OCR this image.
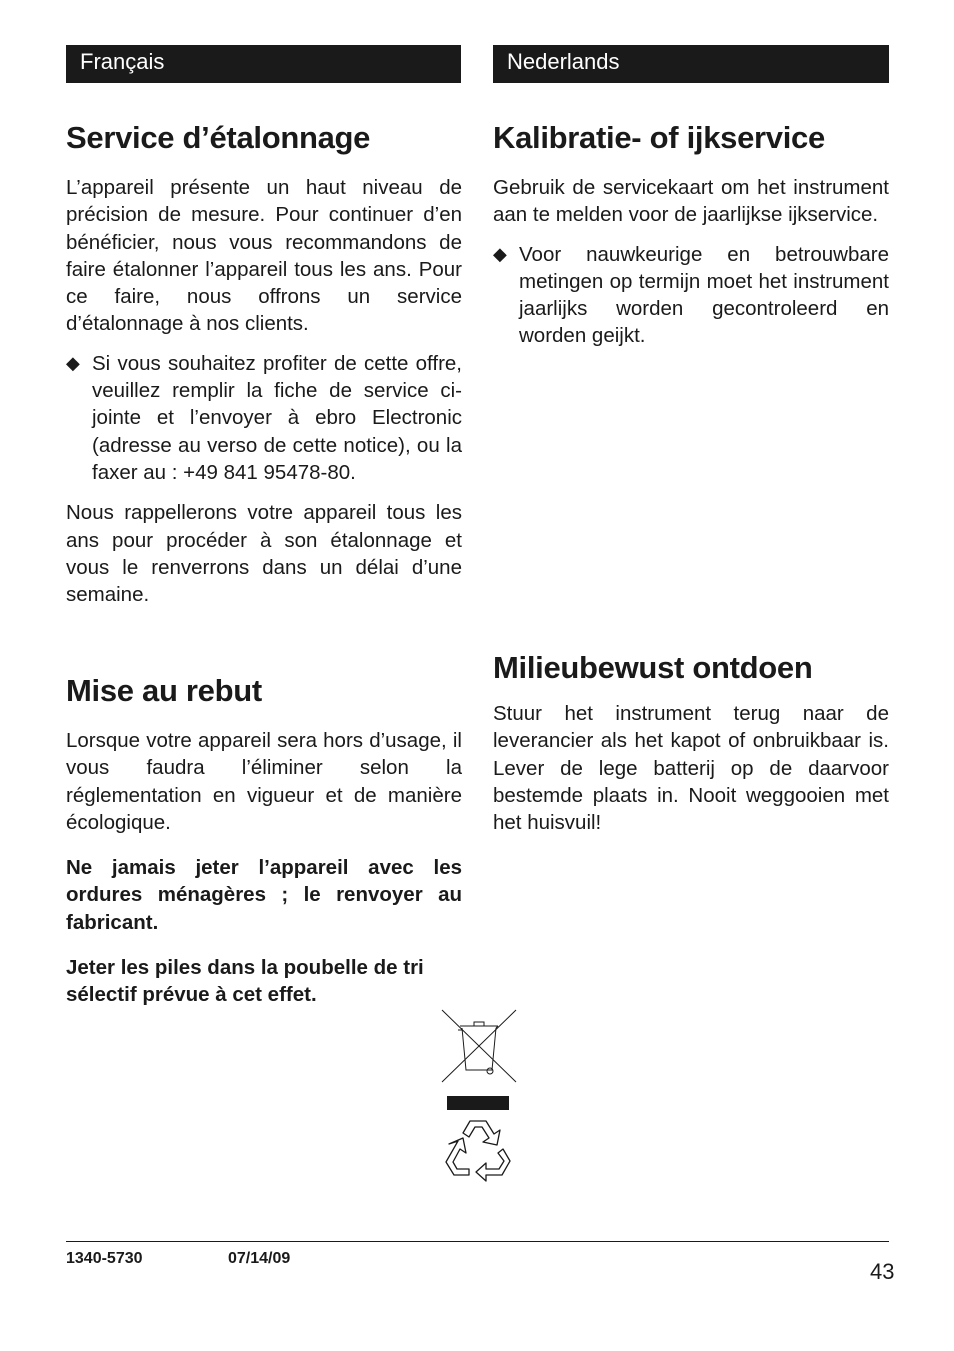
Français	Nederlands
Service d’étalonnage

L’appareil présente un haut niveau de précision de mesure. Pour continuer d’en bénéficier, nous vous recommandons de faire étalonner l’appareil tous les ans. Pour ce faire, nous offrons un service d’étalonnage à nos clients.

◆ Si vous souhaitez profiter de cette offre, veuillez remplir la fiche de service ci-jointe et l’envoyer à ebro Electronic (adresse au verso de cette notice), ou la faxer au : +49 841 95478-80.

Nous rappellerons votre appareil tous les ans pour procéder à son étalonnage et vous le renverrons dans un délai d’une semaine.

Mise au rebut

Lorsque votre appareil sera hors d’usage, il vous faudra l’éliminer selon la réglementation en vigueur et de manière écologique.

Ne jamais jeter l’appareil avec les ordures ménagères ; le renvoyer au fabricant.

Jeter les piles dans la poubelle de tri sélectif prévue à cet effet.

Kalibratie- of ijkservice

Gebruik de servicekaart om het instrument aan te melden voor de jaarlijkse ijkservice.

◆ Voor nauwkeurige en betrouwbare metingen op termijn moet het instrument jaarlijks worden gecontroleerd en worden geijkt.

Milieubewust ontdoen

Stuur het instrument terug naar de leverancier als het kapot of onbruikbaar is. Lever de lege batterij op de daarvoor bestemde plaats in. Nooit weggooien met het huisvuil!

1340-5730	07/14/09
43
